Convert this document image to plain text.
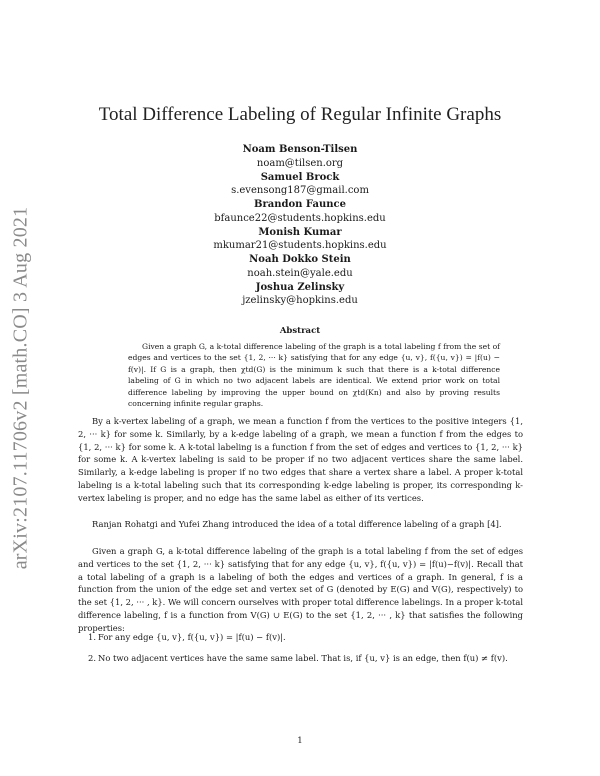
arXiv:2107.11706v2 [math.CO] 3 Aug 2021
Total Difference Labeling of Regular Infinite Graphs
Noam Benson-Tilsen
noam@tilsen.org
Samuel Brock
s.evensong187@gmail.com
Brandon Faunce
bfaunce22@students.hopkins.edu
Monish Kumar
mkumar21@students.hopkins.edu
Noah Dokko Stein
noah.stein@yale.edu
Joshua Zelinsky
jzelinsky@hopkins.edu
Abstract
Given a graph G, a k-total difference labeling of the graph is a total labeling f from the set of edges and vertices to the set {1, 2, ··· k} satisfying that for any edge {u, v}, f({u, v}) = |f(u) − f(v)|. If G is a graph, then χtd(G) is the minimum k such that there is a k-total difference labeling of G in which no two adjacent labels are identical. We extend prior work on total difference labeling by improving the upper bound on χtd(Kn) and also by proving results concerning infinite regular graphs.
By a k-vertex labeling of a graph, we mean a function f from the vertices to the positive integers {1, 2, ··· k} for some k. Similarly, by a k-edge labeling of a graph, we mean a function f from the edges to {1, 2, ··· k} for some k. A k-total labeling is a function f from the set of edges and vertices to {1, 2, ··· k} for some k. A k-vertex labeling is said to be proper if no two adjacent vertices share the same label. Similarly, a k-edge labeling is proper if no two edges that share a vertex share a label. A proper k-total labeling is a k-total labeling such that its corresponding k-edge labeling is proper, its corresponding k-vertex labeling is proper, and no edge has the same label as either of its vertices.
Ranjan Rohatgi and Yufei Zhang introduced the idea of a total difference labeling of a graph [4].
Given a graph G, a k-total difference labeling of the graph is a total labeling f from the set of edges and vertices to the set {1, 2, ··· k} satisfying that for any edge {u, v}, f({u, v}) = |f(u)−f(v)|. Recall that a total labeling of a graph is a labeling of both the edges and vertices of a graph. In general, f is a function from the union of the edge set and vertex set of G (denoted by E(G) and V(G), respectively) to the set {1, 2, ··· , k}. We will concern ourselves with proper total difference labelings. In a proper k-total difference labeling, f is a function from V(G) ∪ E(G) to the set {1, 2, ··· , k} that satisfies the following properties:
1. For any edge {u, v}, f({u, v}) = |f(u) − f(v)|.
2. No two adjacent vertices have the same same label. That is, if {u, v} is an edge, then f(u) ≠ f(v).
1
